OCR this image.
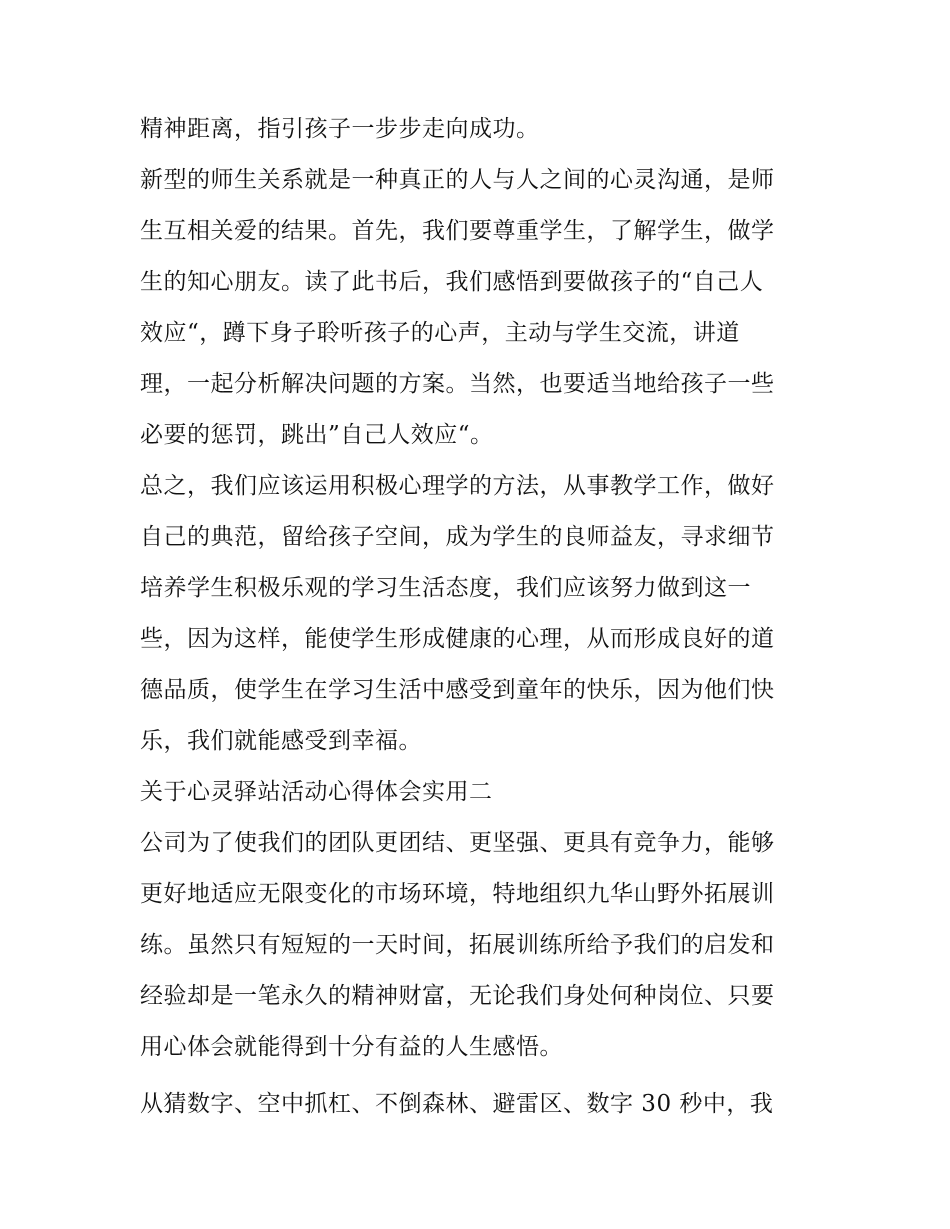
精神距离，指引孩子一步步走向成功。
新型的师生关系就是一种真正的人与人之间的心灵沟通，是师
生互相关爱的结果。首先，我们要尊重学生，了解学生，做学
生的知心朋友。读了此书后，我们感悟到要做孩子的“自己人
效应“，蹲下身子聆听孩子的心声，主动与学生交流，讲道
理，一起分析解决问题的方案。当然，也要适当地给孩子一些
必要的惩罚，跳出”自己人效应“。
总之，我们应该运用积极心理学的方法，从事教学工作，做好
自己的典范，留给孩子空间，成为学生的良师益友，寻求细节
培养学生积极乐观的学习生活态度，我们应该努力做到这一
些，因为这样，能使学生形成健康的心理，从而形成良好的道
德品质，使学生在学习生活中感受到童年的快乐，因为他们快
乐，我们就能感受到幸福。
关于心灵驿站活动心得体会实用二
公司为了使我们的团队更团结、更坚强、更具有竞争力，能够
更好地适应无限变化的市场环境，特地组织九华山野外拓展训
练。虽然只有短短的一天时间，拓展训练所给予我们的启发和
经验却是一笔永久的精神财富，无论我们身处何种岗位、只要
用心体会就能得到十分有益的人生感悟。
从猜数字、空中抓杠、不倒森林、避雷区、数字 30 秒中，我
